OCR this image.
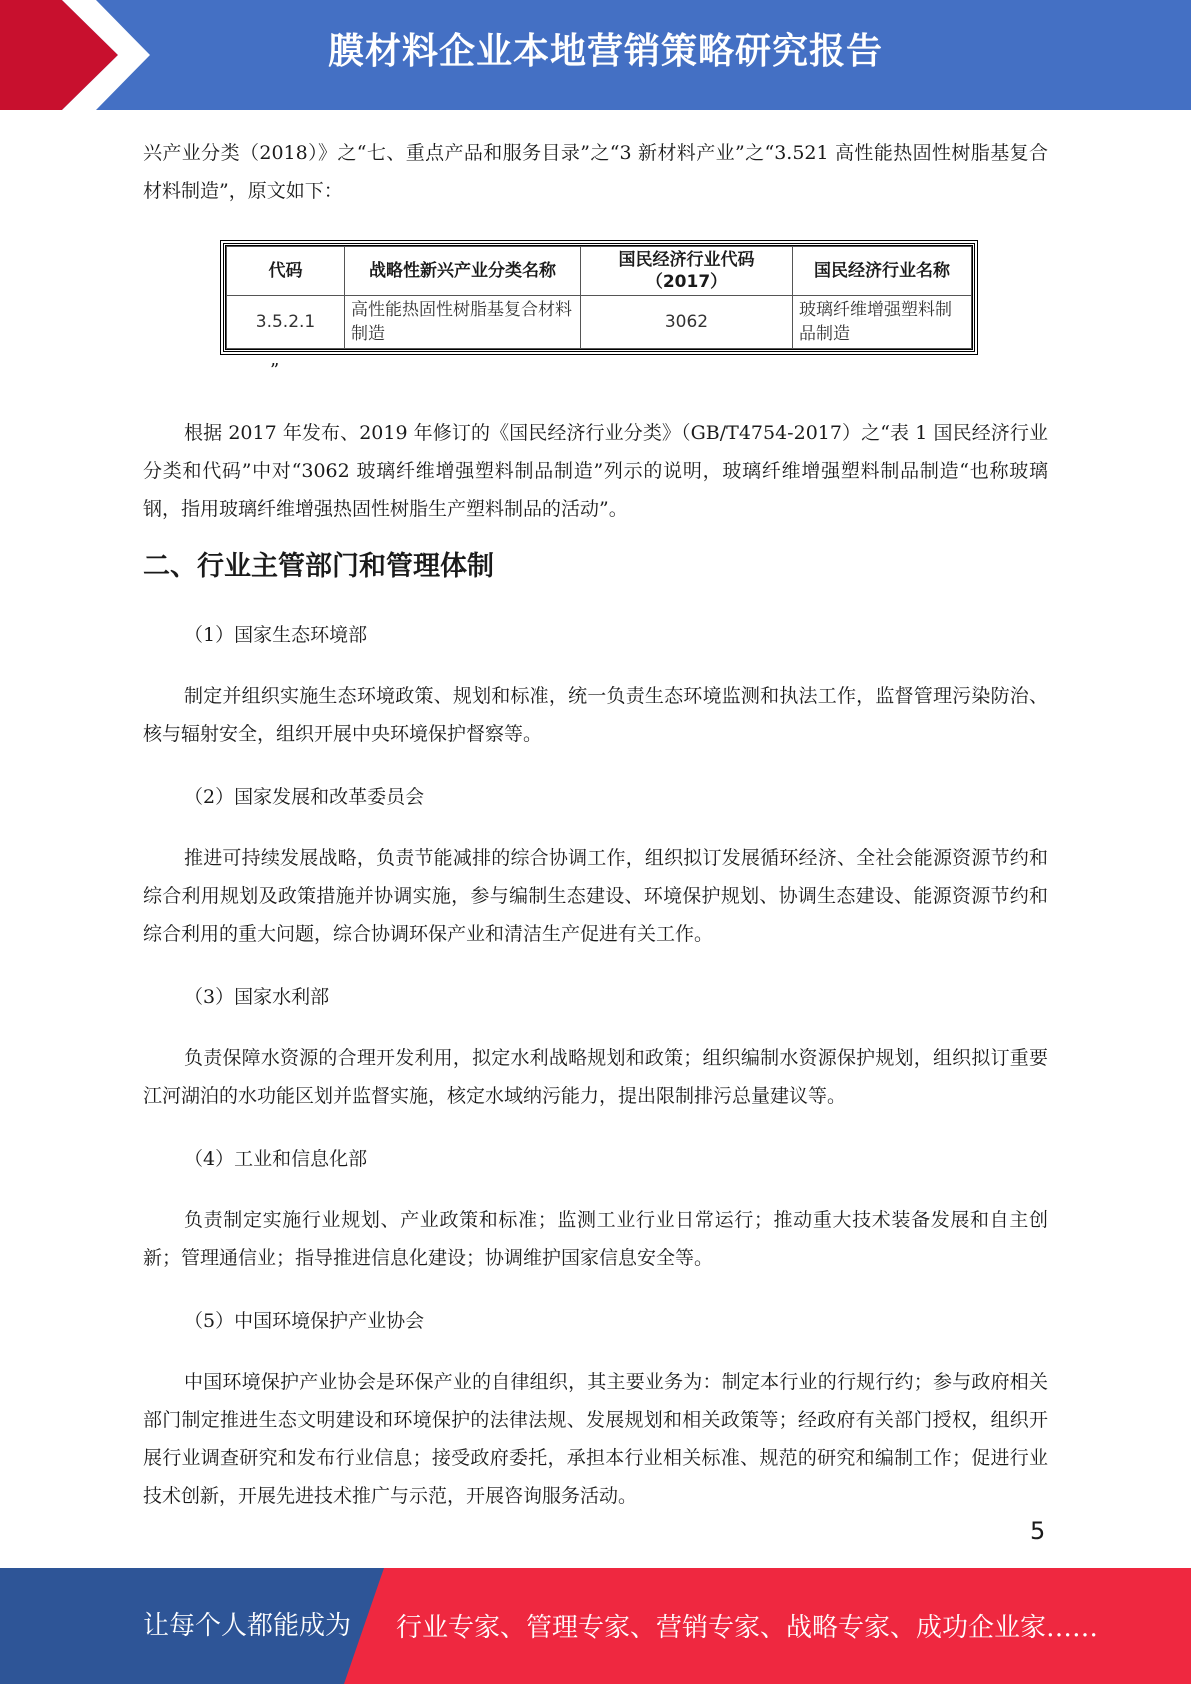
膜材料企业本地营销策略研究报告

兴产业分类（2018）》之“七、重点产品和服务目录”之“3 新材料产业”之“3.521 高性能热固性树脂基复合材料制造”，原文如下：

代码	战略性新兴产业分类名称	国民经济行业代码（2017）	国民经济行业名称
3.5.2.1	高性能热固性树脂基复合材料制造	3062	玻璃纤维增强塑料制品制造
”

根据 2017 年发布、2019 年修订的《国民经济行业分类》（GB/T4754-2017）之“表 1 国民经济行业分类和代码”中对“3062 玻璃纤维增强塑料制品制造”列示的说明，玻璃纤维增强塑料制品制造“也称玻璃钢，指用玻璃纤维增强热固性树脂生产塑料制品的活动”。

二、行业主管部门和管理体制

（1）国家生态环境部

制定并组织实施生态环境政策、规划和标准，统一负责生态环境监测和执法工作，监督管理污染防治、核与辐射安全，组织开展中央环境保护督察等。

（2）国家发展和改革委员会

推进可持续发展战略，负责节能减排的综合协调工作，组织拟订发展循环经济、全社会能源资源节约和综合利用规划及政策措施并协调实施，参与编制生态建设、环境保护规划、协调生态建设、能源资源节约和综合利用的重大问题，综合协调环保产业和清洁生产促进有关工作。

（3）国家水利部

负责保障水资源的合理开发利用，拟定水利战略规划和政策；组织编制水资源保护规划，组织拟订重要江河湖泊的水功能区划并监督实施，核定水域纳污能力，提出限制排污总量建议等。

（4）工业和信息化部

负责制定实施行业规划、产业政策和标准；监测工业行业日常运行；推动重大技术装备发展和自主创新；管理通信业；指导推进信息化建设；协调维护国家信息安全等。

（5）中国环境保护产业协会

中国环境保护产业协会是环保产业的自律组织，其主要业务为：制定本行业的行规行约；参与政府相关部门制定推进生态文明建设和环境保护的法律法规、发展规划和相关政策等；经政府有关部门授权，组织开展行业调查研究和发布行业信息；接受政府委托，承担本行业相关标准、规范的研究和编制工作；促进行业技术创新，开展先进技术推广与示范，开展咨询服务活动。

5
让每个人都能成为 行业专家、管理专家、营销专家、战略专家、成功企业家……
